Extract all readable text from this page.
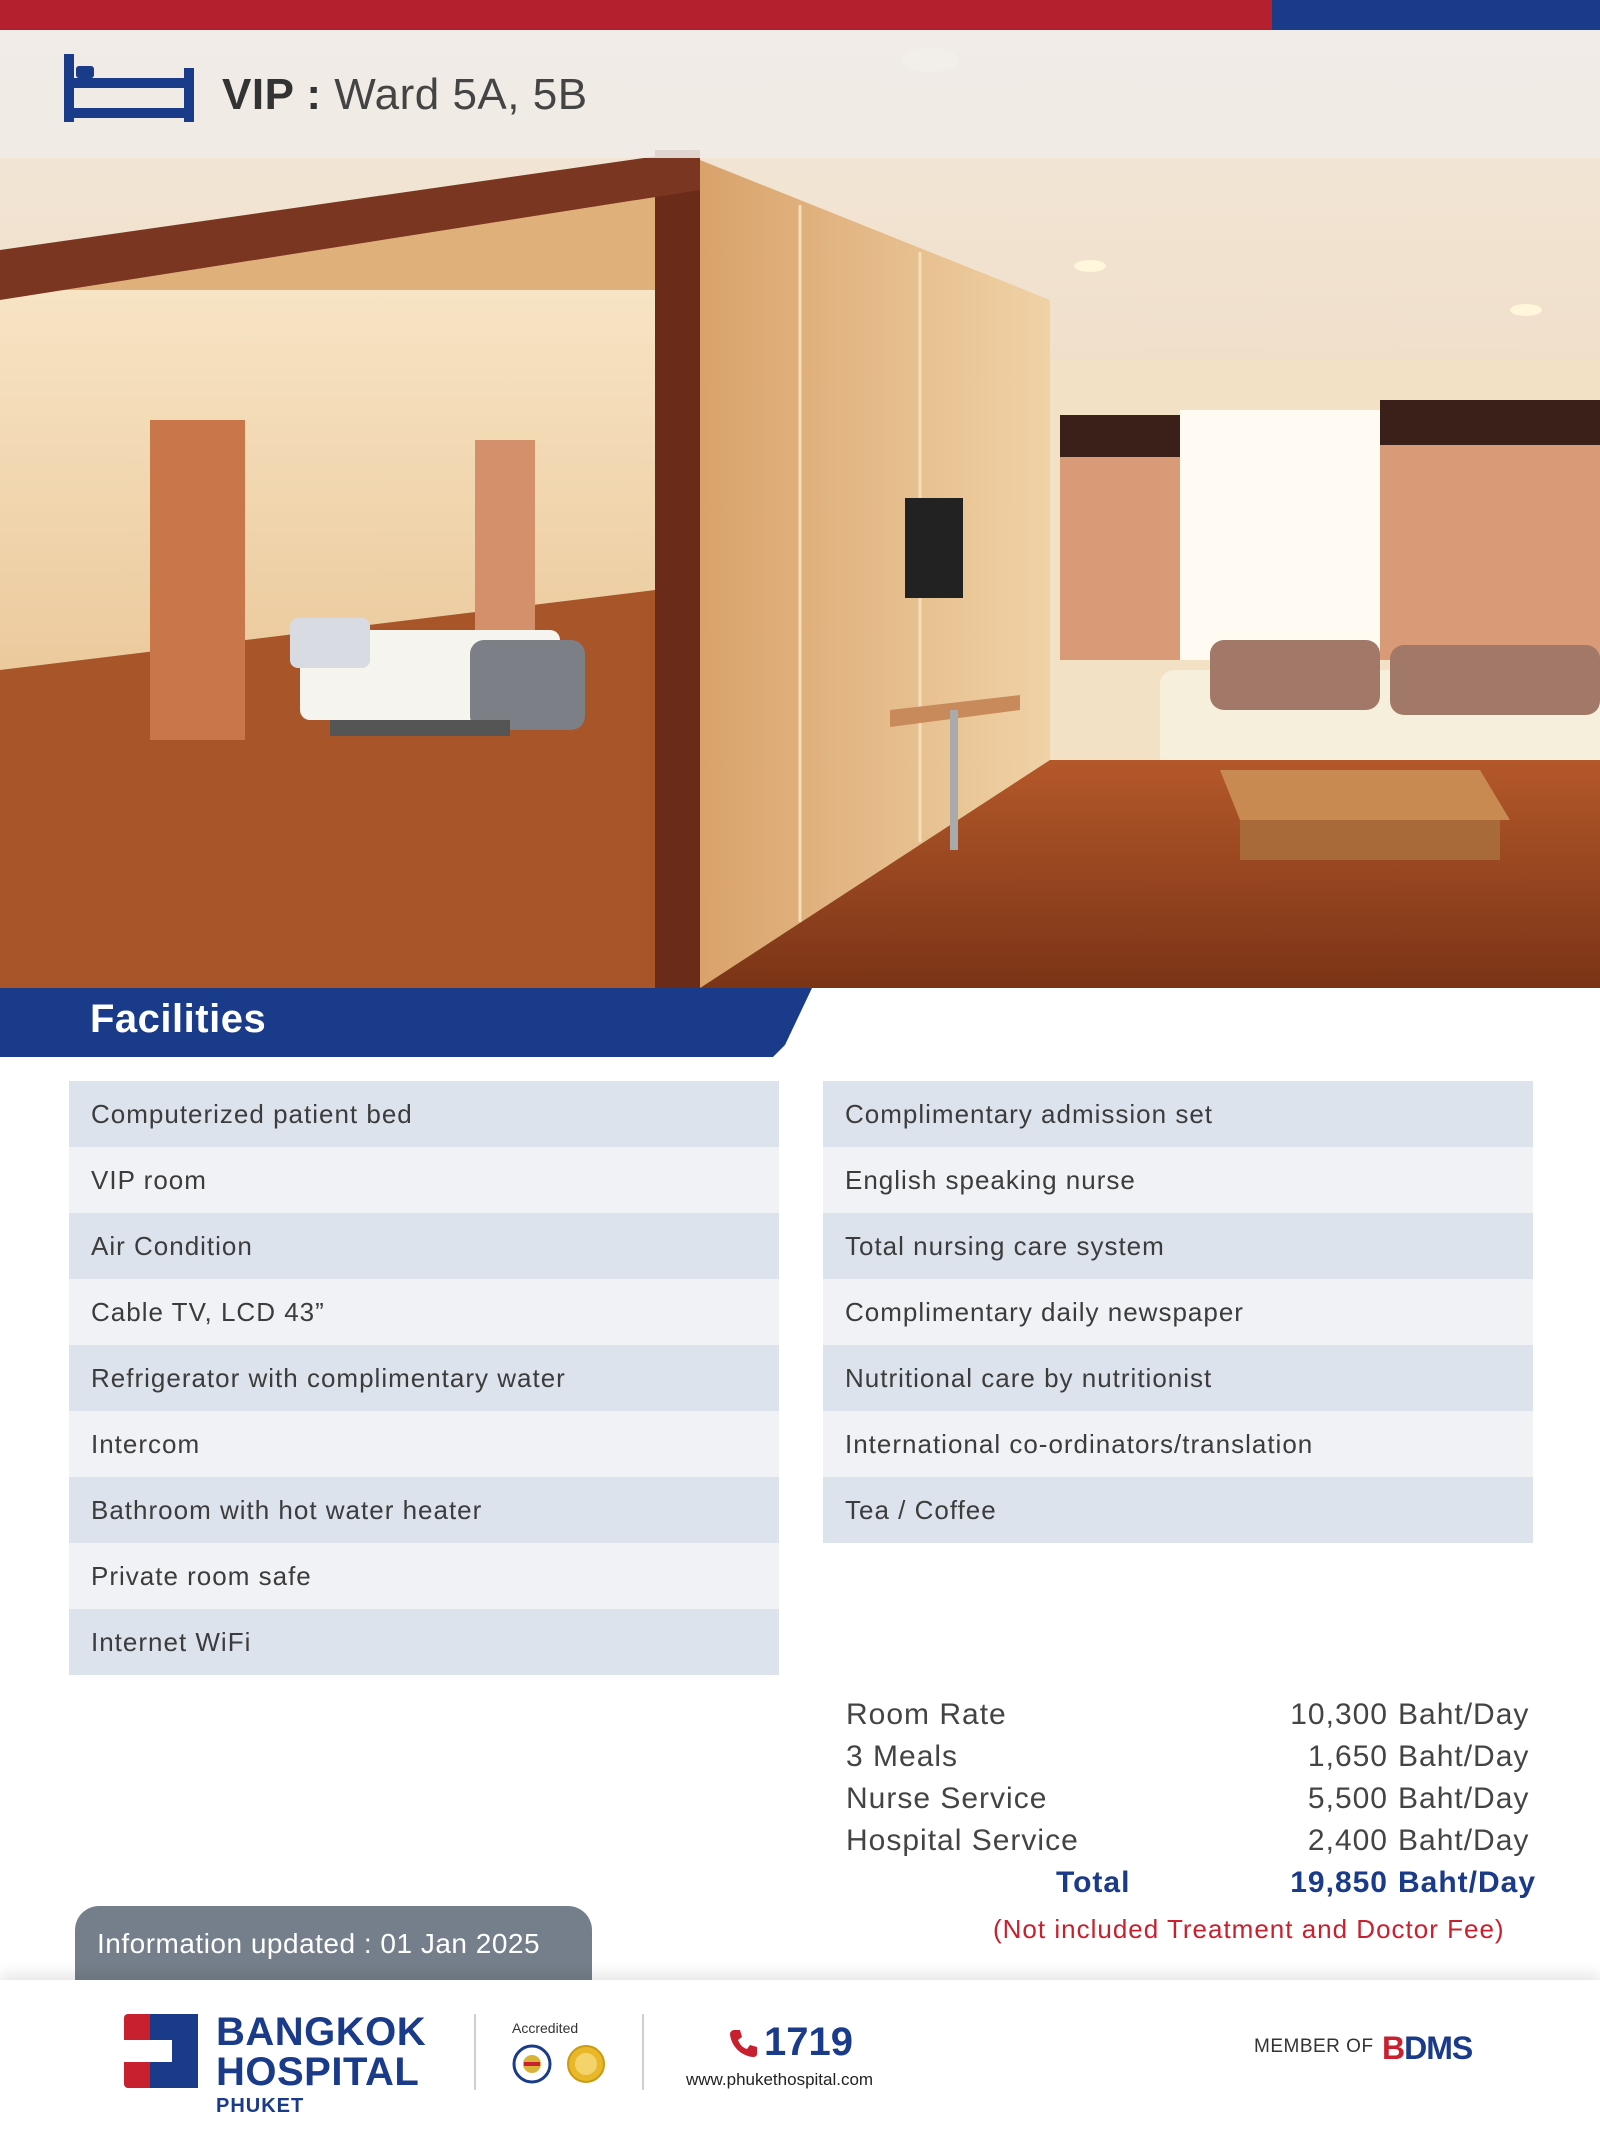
VIP : Ward 5A, 5B
Facilities
Computerized patient bed
VIP room
Air Condition
Cable TV, LCD 43”
Refrigerator with complimentary water
Intercom
Bathroom with hot water heater
Private room safe
Internet WiFi
Complimentary admission set
English speaking nurse
Total nursing care system
Complimentary daily newspaper
Nutritional care by nutritionist
International co-ordinators/translation
Tea / Coffee
Room Rate	10,300 Baht/Day
3 Meals	1,650 Baht/Day
Nurse Service	5,500 Baht/Day
Hospital Service	2,400 Baht/Day
Total	19,850 Baht/Day
(Not included Treatment and Doctor Fee)
Information updated : 01 Jan 2025
BANGKOK
HOSPITAL
PHUKET
Accredited	1719
www.phukethospital.com
MEMBER OF BDMS
